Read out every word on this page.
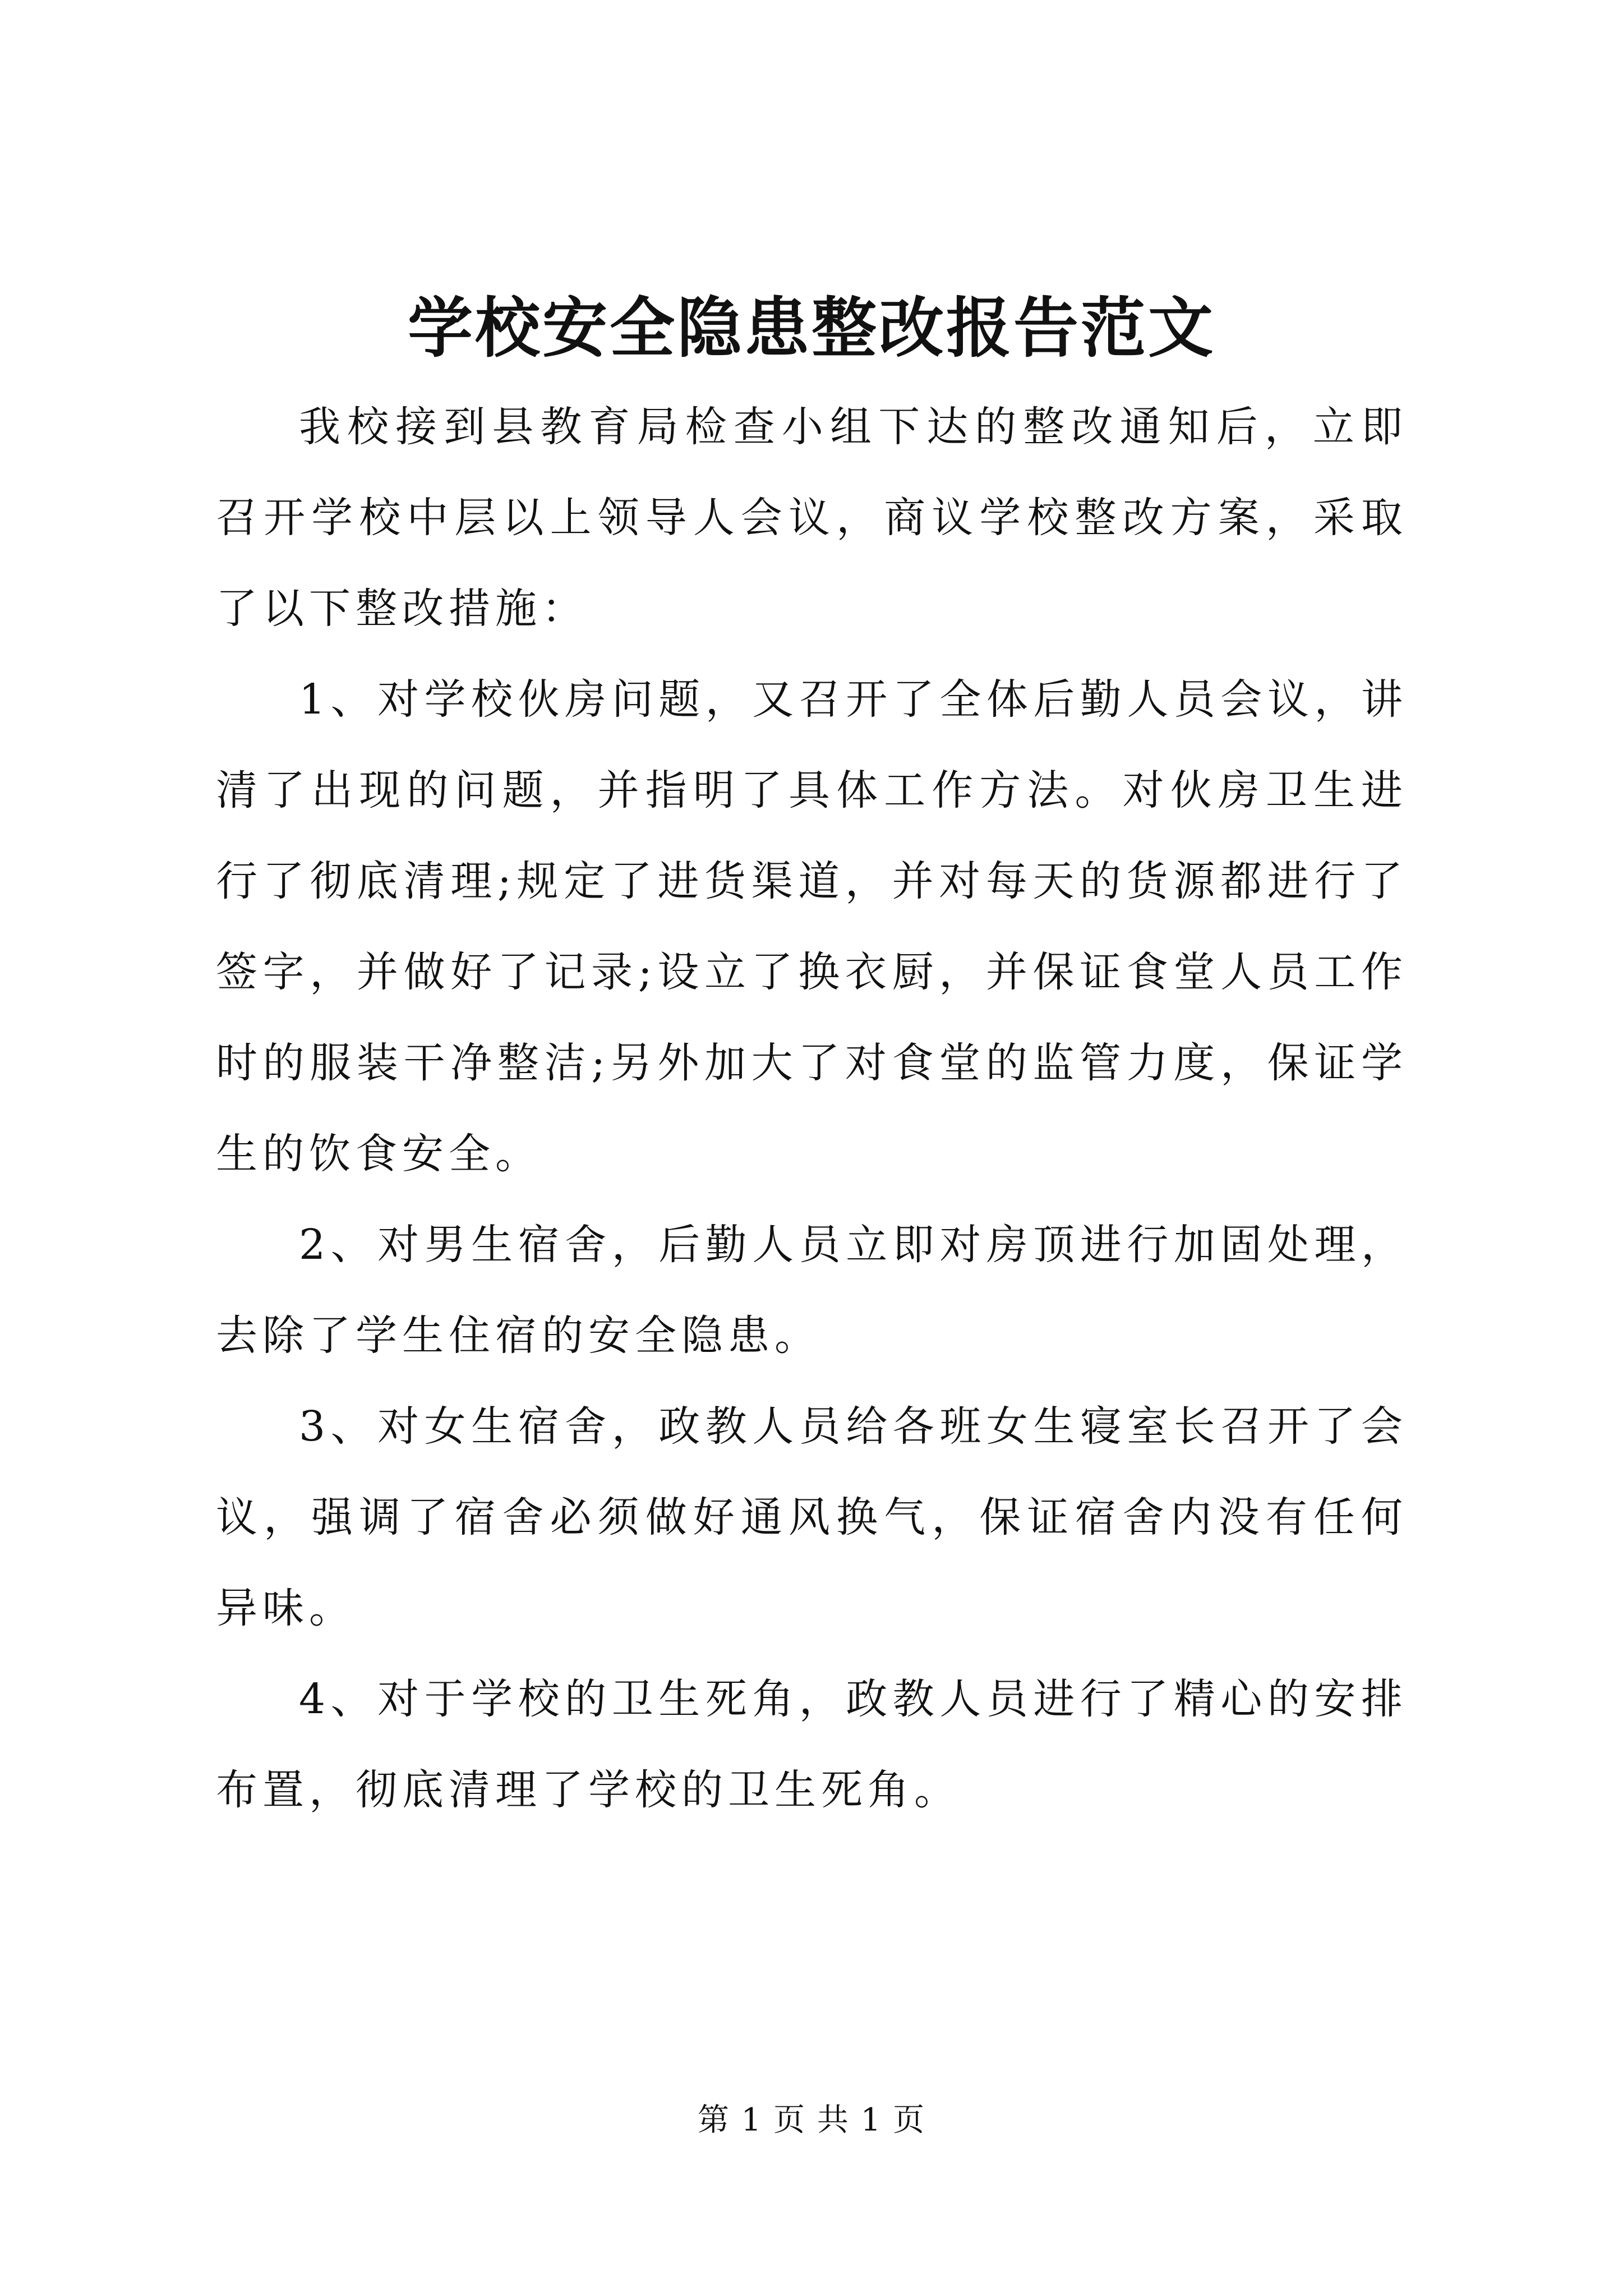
学校安全隐患整改报告范文

我校接到县教育局检查小组下达的整改通知后，立即召开学校中层以上领导人会议，商议学校整改方案，采取了以下整改措施：

1、对学校伙房问题，又召开了全体后勤人员会议，讲清了出现的问题，并指明了具体工作方法。对伙房卫生进行了彻底清理;规定了进货渠道，并对每天的货源都进行了签字，并做好了记录;设立了换衣厨，并保证食堂人员工作时的服装干净整洁;另外加大了对食堂的监管力度，保证学生的饮食安全。

2、对男生宿舍，后勤人员立即对房顶进行加固处理，去除了学生住宿的安全隐患。

3、对女生宿舍，政教人员给各班女生寝室长召开了会议，强调了宿舍必须做好通风换气，保证宿舍内没有任何异味。

4、对于学校的卫生死角，政教人员进行了精心的安排布置，彻底清理了学校的卫生死角。

第 1 页 共 1 页
